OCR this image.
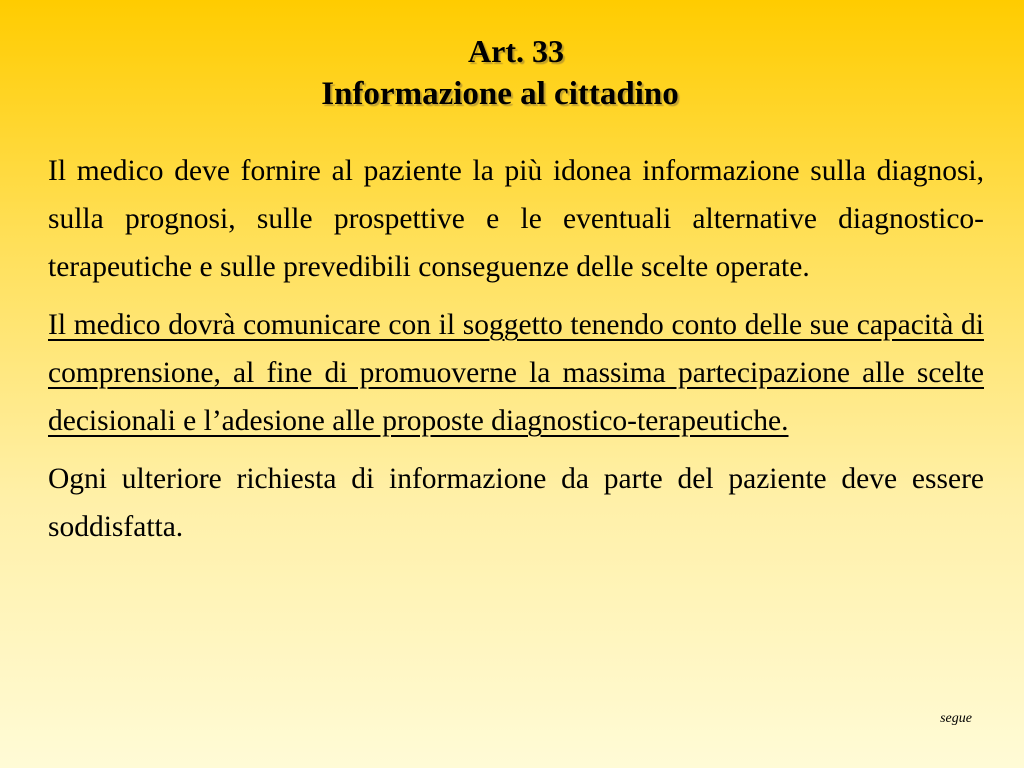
Art. 33

Informazione al cittadino

Il medico deve fornire al paziente la più idonea informazione sulla diagnosi, sulla prognosi, sulle prospettive e le eventuali alternative diagnostico-terapeutiche e sulle prevedibili conseguenze delle scelte operate.

Il medico dovrà comunicare con il soggetto tenendo conto delle sue capacità di comprensione, al fine di promuoverne la massima partecipazione alle scelte decisionali e l’adesione alle proposte diagnostico-terapeutiche.

Ogni ulteriore richiesta di informazione da parte del paziente deve essere soddisfatta.

segue
